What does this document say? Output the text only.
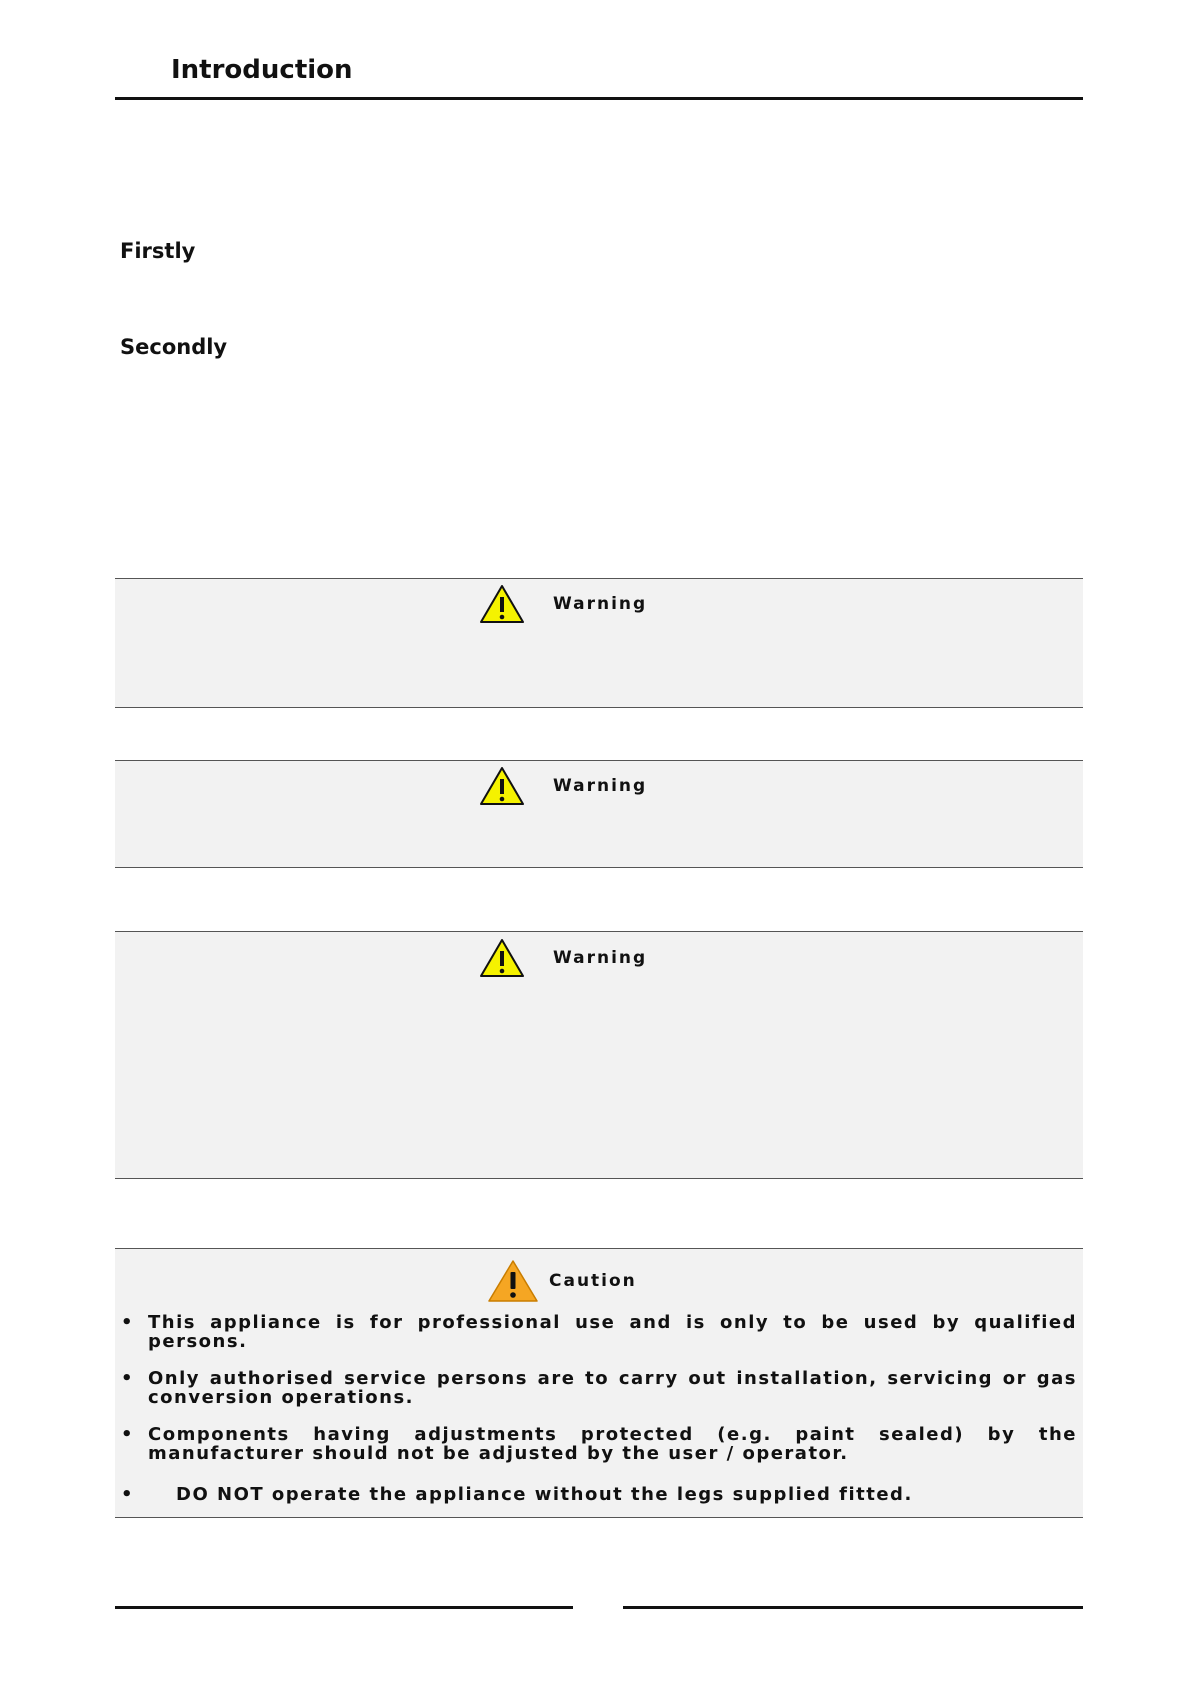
Introduction
Firstly
Secondly
Warning
Warning
Warning
Caution
• This appliance is for professional use and is only to be used by qualified persons.
• Only authorised service persons are to carry out installation, servicing or gas conversion operations.
• Components having adjustments protected (e.g. paint sealed) by the manufacturer should not be adjusted by the user / operator.
• DO NOT operate the appliance without the legs supplied fitted.
